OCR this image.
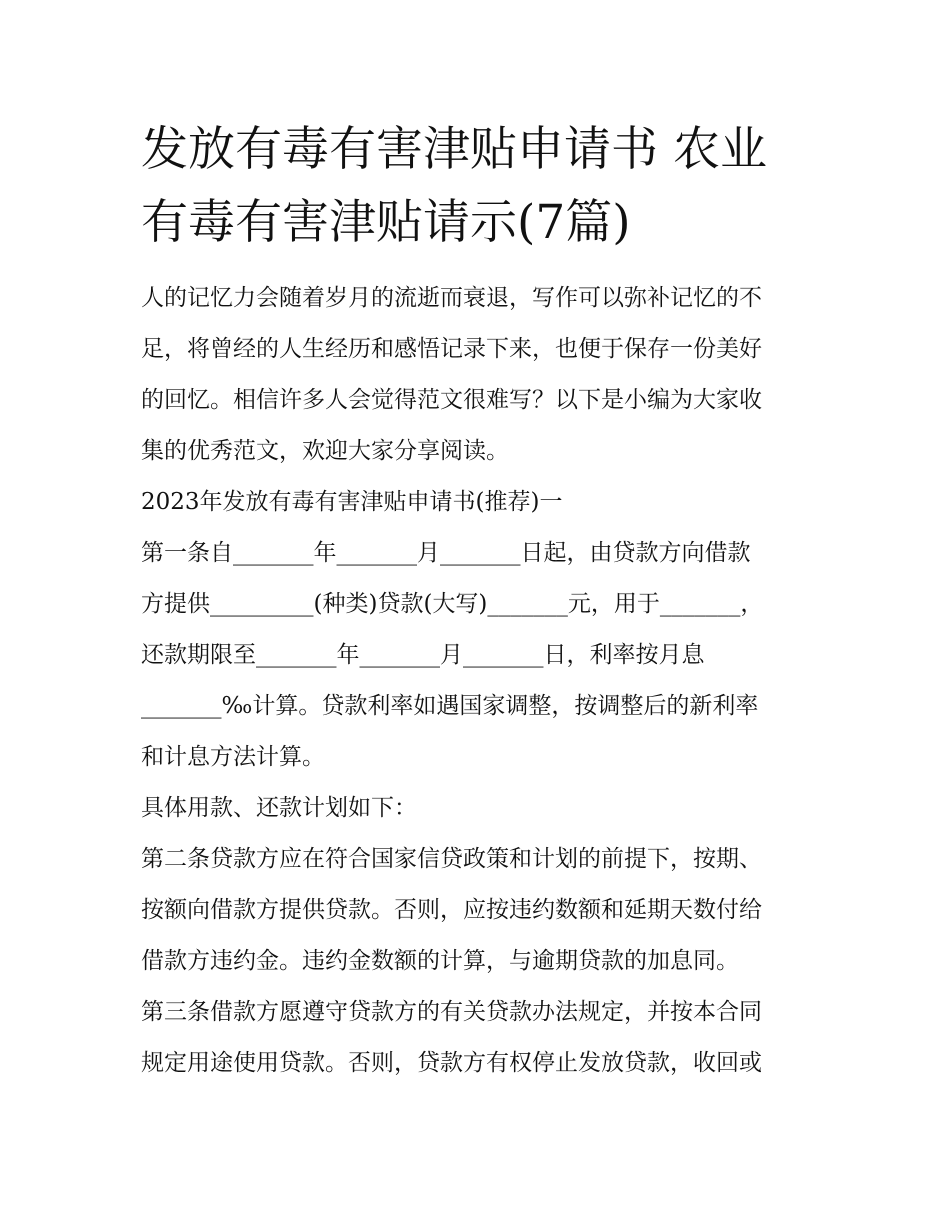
发放有毒有害津贴申请书 农业
有毒有害津贴请示(7篇)

人的记忆力会随着岁月的流逝而衰退，写作可以弥补记忆的不
足，将曾经的人生经历和感悟记录下来，也便于保存一份美好
的回忆。相信许多人会觉得范文很难写？以下是小编为大家收
集的优秀范文，欢迎大家分享阅读。

2023年发放有毒有害津贴申请书(推荐)一

第一条自_______年_______月_______日起，由贷款方向借款
方提供_________(种类)贷款(大写)_______元，用于_______，
还款期限至_______年_______月_______日，利率按月息
_______‰计算。贷款利率如遇国家调整，按调整后的新利率
和计息方法计算。

具体用款、还款计划如下：

第二条贷款方应在符合国家信贷政策和计划的前提下，按期、
按额向借款方提供贷款。否则，应按违约数额和延期天数付给
借款方违约金。违约金数额的计算，与逾期贷款的加息同。

第三条借款方愿遵守贷款方的有关贷款办法规定，并按本合同
规定用途使用贷款。否则，贷款方有权停止发放贷款，收回或
